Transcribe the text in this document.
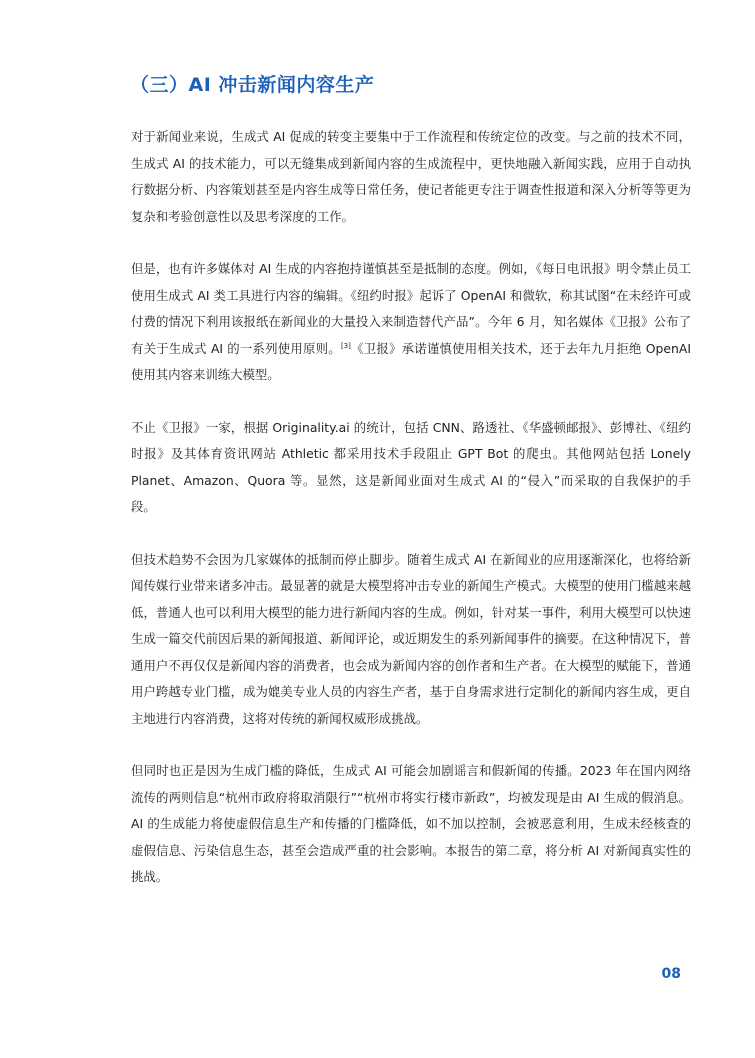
（三）AI 冲击新闻内容生产

对于新闻业来说，生成式 AI 促成的转变主要集中于工作流程和传统定位的改变。与之前的技术不同，生成式 AI 的技术能力，可以无缝集成到新闻内容的生成流程中，更快地融入新闻实践，应用于自动执行数据分析、内容策划甚至是内容生成等日常任务，使记者能更专注于调查性报道和深入分析等等更为复杂和考验创意性以及思考深度的工作。

但是，也有许多媒体对 AI 生成的内容抱持谨慎甚至是抵制的态度。例如，《每日电讯报》明令禁止员工使用生成式 AI 类工具进行内容的编辑。《纽约时报》起诉了 OpenAI 和微软，称其试图“在未经许可或付费的情况下利用该报纸在新闻业的大量投入来制造替代产品”。今年 6 月，知名媒体《卫报》公布了有关于生成式 AI 的一系列使用原则。[3]《卫报》承诺谨慎使用相关技术，还于去年九月拒绝 OpenAI 使用其内容来训练大模型。

不止《卫报》一家，根据 Originality.ai 的统计，包括 CNN、路透社、《华盛顿邮报》、彭博社、《纽约时报》及其体育资讯网站 Athletic 都采用技术手段阻止 GPT Bot 的爬虫。其他网站包括 Lonely Planet、Amazon、Quora 等。显然，这是新闻业面对生成式 AI 的“侵入”而采取的自我保护的手段。

但技术趋势不会因为几家媒体的抵制而停止脚步。随着生成式 AI 在新闻业的应用逐渐深化，也将给新闻传媒行业带来诸多冲击。最显著的就是大模型将冲击专业的新闻生产模式。大模型的使用门槛越来越低，普通人也可以利用大模型的能力进行新闻内容的生成。例如，针对某一事件，利用大模型可以快速生成一篇交代前因后果的新闻报道、新闻评论，或近期发生的系列新闻事件的摘要。在这种情况下，普通用户不再仅仅是新闻内容的消费者，也会成为新闻内容的创作者和生产者。在大模型的赋能下，普通用户跨越专业门槛，成为媲美专业人员的内容生产者，基于自身需求进行定制化的新闻内容生成，更自主地进行内容消费，这将对传统的新闻权威形成挑战。

但同时也正是因为生成门槛的降低，生成式 AI 可能会加剧谣言和假新闻的传播。2023 年在国内网络流传的两则信息“杭州市政府将取消限行”“杭州市将实行楼市新政”，均被发现是由 AI 生成的假消息。AI 的生成能力将使虚假信息生产和传播的门槛降低，如不加以控制，会被恶意利用，生成未经核查的虚假信息、污染信息生态，甚至会造成严重的社会影响。本报告的第二章，将分析 AI 对新闻真实性的挑战。

08
